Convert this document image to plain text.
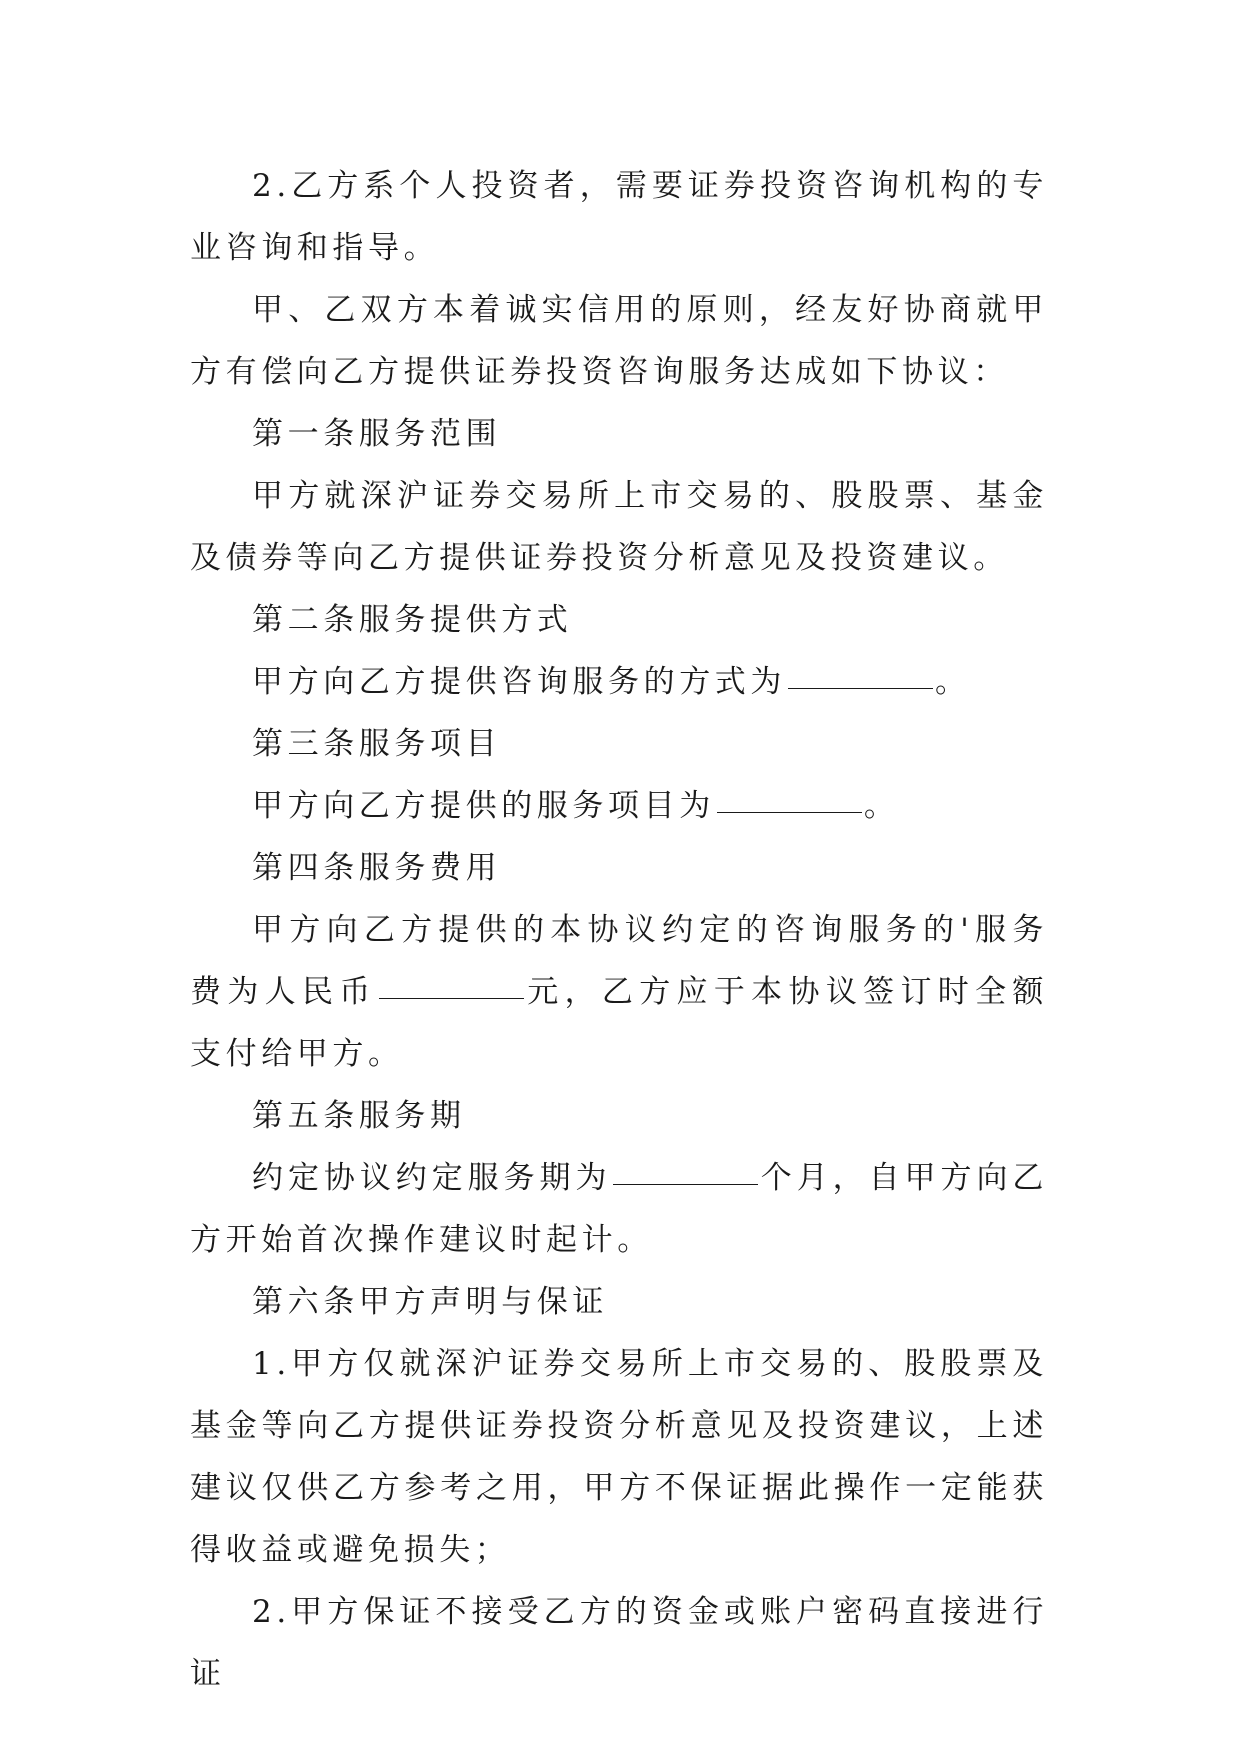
2.乙方系个人投资者，需要证券投资咨询机构的专业咨询和指导。

甲、乙双方本着诚实信用的原则，经友好协商就甲方有偿向乙方提供证券投资咨询服务达成如下协议：

第一条服务范围

甲方就深沪证券交易所上市交易的、股股票、基金及债券等向乙方提供证券投资分析意见及投资建议。

第二条服务提供方式

甲方向乙方提供咨询服务的方式为	。

第三条服务项目

甲方向乙方提供的服务项目为	。

第四条服务费用

甲方向乙方提供的本协议约定的咨询服务的'服务费为人民币	元，乙方应于本协议签订时全额支付给甲方。

第五条服务期

约定协议约定服务期为	个月，自甲方向乙方开始首次操作建议时起计。

第六条甲方声明与保证

1.甲方仅就深沪证券交易所上市交易的、股股票及基金等向乙方提供证券投资分析意见及投资建议，上述建议仅供乙方参考之用，甲方不保证据此操作一定能获得收益或避免损失；

2.甲方保证不接受乙方的资金或账户密码直接进行证
